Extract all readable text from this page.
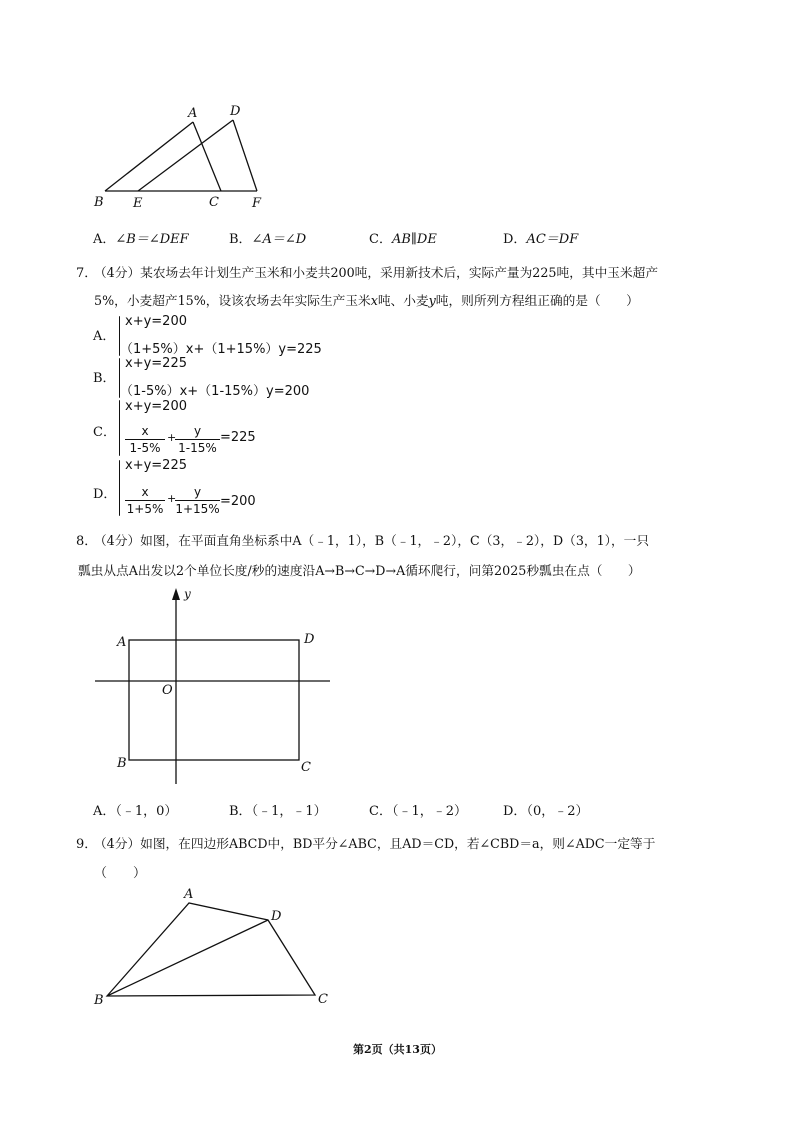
A	D
B E	C	F
A．∠B＝∠DEF	B．∠A＝∠D	C．AB∥DE	D．AC＝DF
7．
（4分）某农场去年计划生产玉米和小麦共200吨，采用新技术后，实际产量为225吨，其中玉米超产
5%，小麦超产15%，设该农场去年实际生产玉米x吨、小麦y吨，则所列方程组正确的是（　　）
A．
x+y=200
（1+5%）x+（1+15%）y=225
B．
x+y=225
（1-5%）x+（1-15%）y=200
C．
x+y=200
x
1-5%
+	y
1-15%
=225
D．
x+y=225
x
1+5%
+	y
1+15% =200
8．
（4分）如图，在平面直角坐标系中A（﹣1，1），B（﹣1，﹣2），C（3，﹣2），D（3，1），一只
瓢虫从点A出发以2个单位长度/秒的速度沿A→B→C→D→A循环爬行，问第2025秒瓢虫在点（　　）
y
O
A	D
B	C
A．（﹣1，0）	B．（﹣1，﹣1）	C．（﹣1，﹣2）	D．（0，﹣2）
9．
（4分）如图，在四边形ABCD中，BD平分∠ABC，且AD＝CD，若∠CBD＝a，则∠ADC一定等于
（　　）
A
D
B	C
第2页（共13页）
